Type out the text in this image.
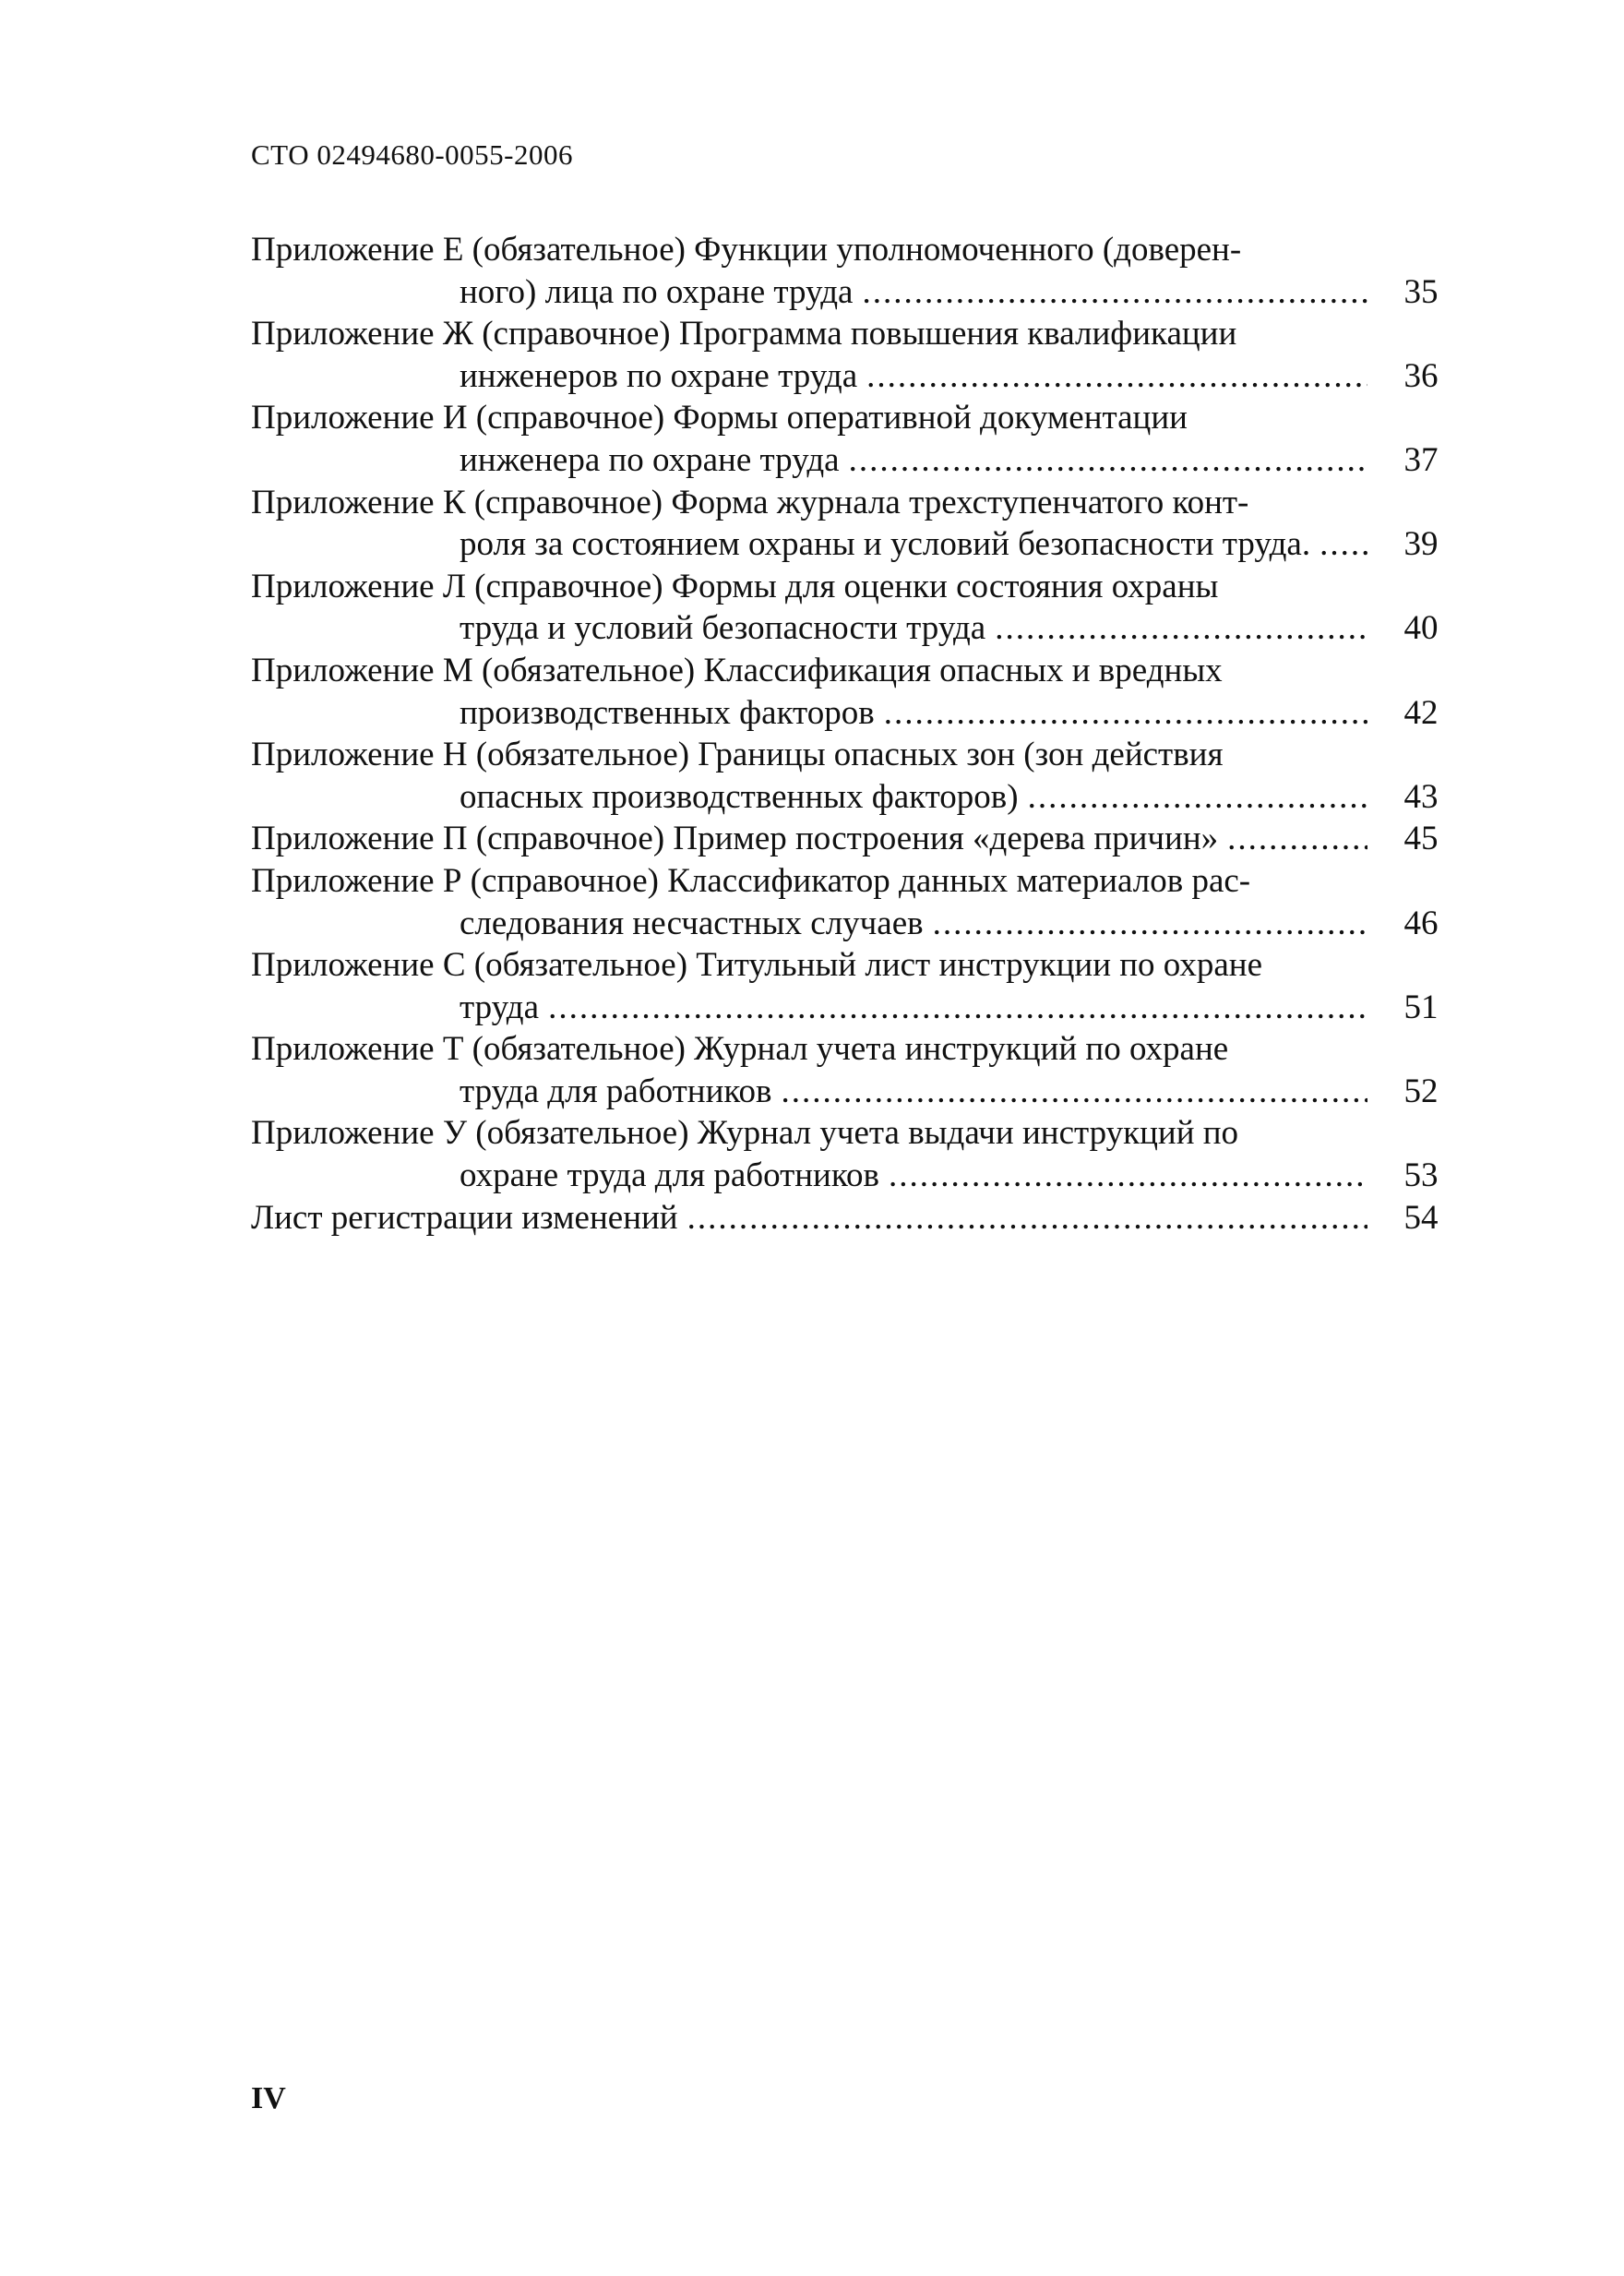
СТО 02494680-0055-2006
Приложение Е (обязательное) Функции уполномоченного (доверен-
ного) лица по охране труда .....	35
Приложение Ж (справочное) Программа повышения квалификации
инженеров по охране труда .....	36
Приложение И (справочное) Формы оперативной документации
инженера по охране труда .....	37
Приложение К (справочное) Форма журнала трехступенчатого конт-
роля за состоянием охраны и условий безопасности труда. .....	39
Приложение Л (справочное) Формы для оценки состояния охраны
труда и условий безопасности труда .....	40
Приложение М (обязательное) Классификация опасных и вредных
производственных факторов .....	42
Приложение Н (обязательное) Границы опасных зон (зон действия
опасных производственных факторов) .....	43
Приложение П (справочное) Пример построения «дерева причин» .....	45
Приложение Р (справочное) Классификатор данных материалов рас-
следования несчастных случаев .....	46
Приложение С (обязательное) Титульный лист инструкции по охране
труда .....	51
Приложение Т (обязательное) Журнал учета инструкций по охране
труда для работников .....	52
Приложение У (обязательное) Журнал учета выдачи инструкций по
охране труда для работников .....	53
Лист регистрации изменений .....	54
IV
